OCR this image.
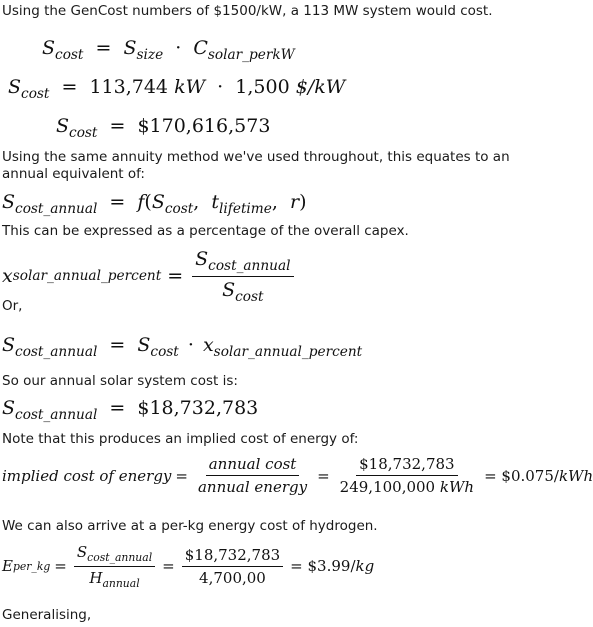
Using the GenCost numbers of $1500/kW, a 113 MW system would cost.
$S_{cost} = S_{size} \cdot C_{solar\_perkW}$
$S_{cost} = 113,744$ kW · 1,500 $/kW
$S_{cost}$ = $170,616,573
Using the same annuity method we've used throughout, this equates to an annual equivalent of:
$S_{cost\_annual} = f(S_{cost}$,  $t_{lifetime}$,  r)
This can be expressed as a percentage of the overall capex.
x solar_annual_percent = $\frac{S_{cost\_annual}}{S_{cost}}$
Or,
$S_{cost\_annual} = S_{cost} \cdot x_{solar\_annual\_percent}$
So our annual solar system cost is:
$S_{cost\_annual}$ = $18,732,783
Note that this produces an implied cost of energy of:
implied cost of energy = $\frac{\text{annual cost}}{\text{annual energy}} = \frac{\$18,732,783}{\text{249,100,000 kWh}}$ = $0.075/ kWh
We can also arrive at a per-kg energy cost of hydrogen.
E per_kg = $\frac{S_{cost\_annual}}{H_{annual}} = \frac{\$18,732,783}{4,700,00}$ = $3.99/ kg
Generalising,
